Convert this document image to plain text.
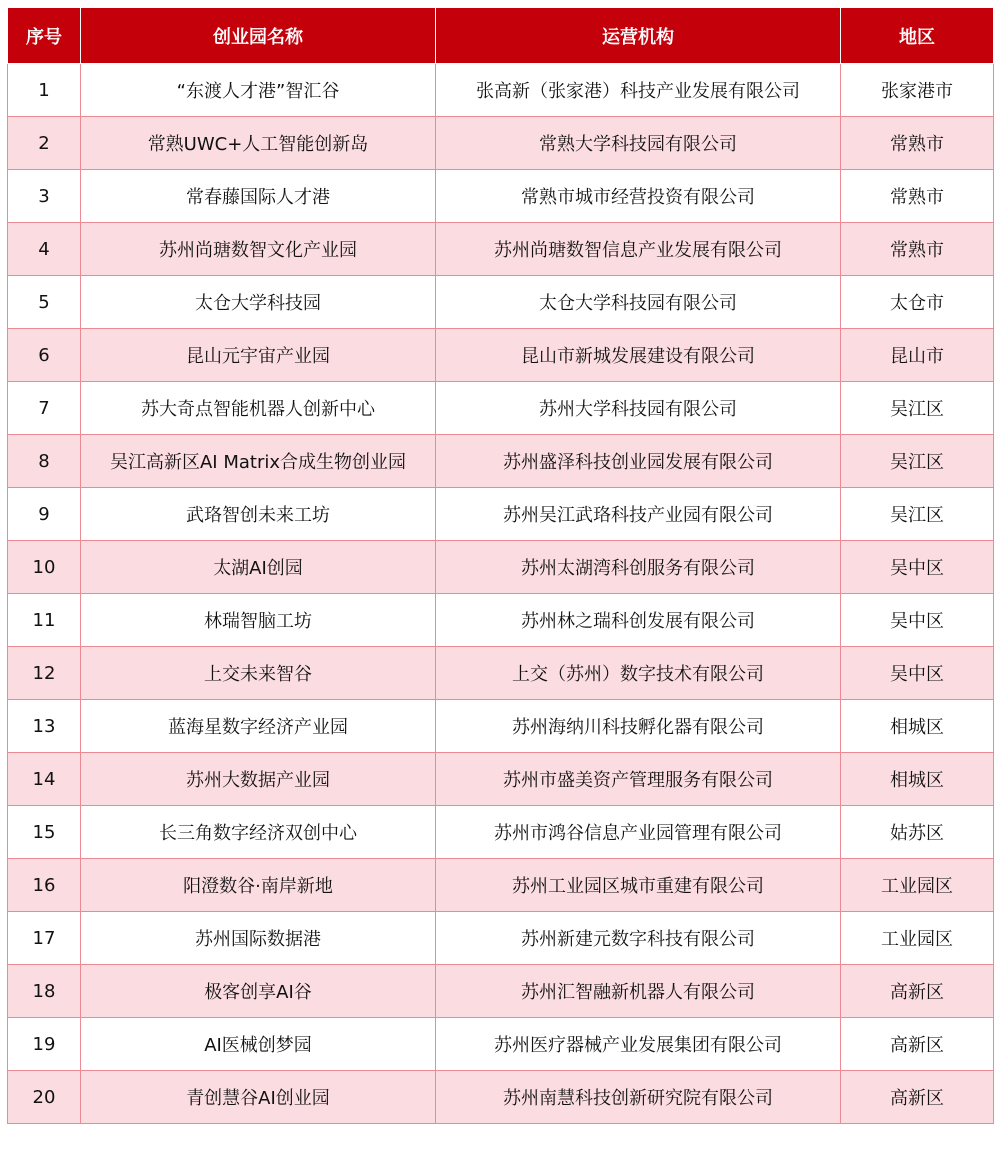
序号	创业园名称	运营机构	地区
1	“东渡人才港”智汇谷	张高新（张家港）科技产业发展有限公司	张家港市
2	常熟UWC+人工智能创新岛	常熟大学科技园有限公司	常熟市
3	常春藤国际人才港	常熟市城市经营投资有限公司	常熟市
4	苏州尚瑭数智文化产业园	苏州尚瑭数智信息产业发展有限公司	常熟市
5	太仓大学科技园	太仓大学科技园有限公司	太仓市
6	昆山元宇宙产业园	昆山市新城发展建设有限公司	昆山市
7	苏大奇点智能机器人创新中心	苏州大学科技园有限公司	吴江区
8	吴江高新区AI Matrix合成生物创业园	苏州盛泽科技创业园发展有限公司	吴江区
9	武珞智创未来工坊	苏州吴江武珞科技产业园有限公司	吴江区
10	太湖AI创园	苏州太湖湾科创服务有限公司	吴中区
11	林瑞智脑工坊	苏州林之瑞科创发展有限公司	吴中区
12	上交未来智谷	上交（苏州）数字技术有限公司	吴中区
13	蓝海星数字经济产业园	苏州海纳川科技孵化器有限公司	相城区
14	苏州大数据产业园	苏州市盛美资产管理服务有限公司	相城区
15	长三角数字经济双创中心	苏州市鸿谷信息产业园管理有限公司	姑苏区
16	阳澄数谷·南岸新地	苏州工业园区城市重建有限公司	工业园区
17	苏州国际数据港	苏州新建元数字科技有限公司	工业园区
18	极客创享AI谷	苏州汇智融新机器人有限公司	高新区
19	AI医械创梦园	苏州医疗器械产业发展集团有限公司	高新区
20	青创慧谷AI创业园	苏州南慧科技创新研究院有限公司	高新区
